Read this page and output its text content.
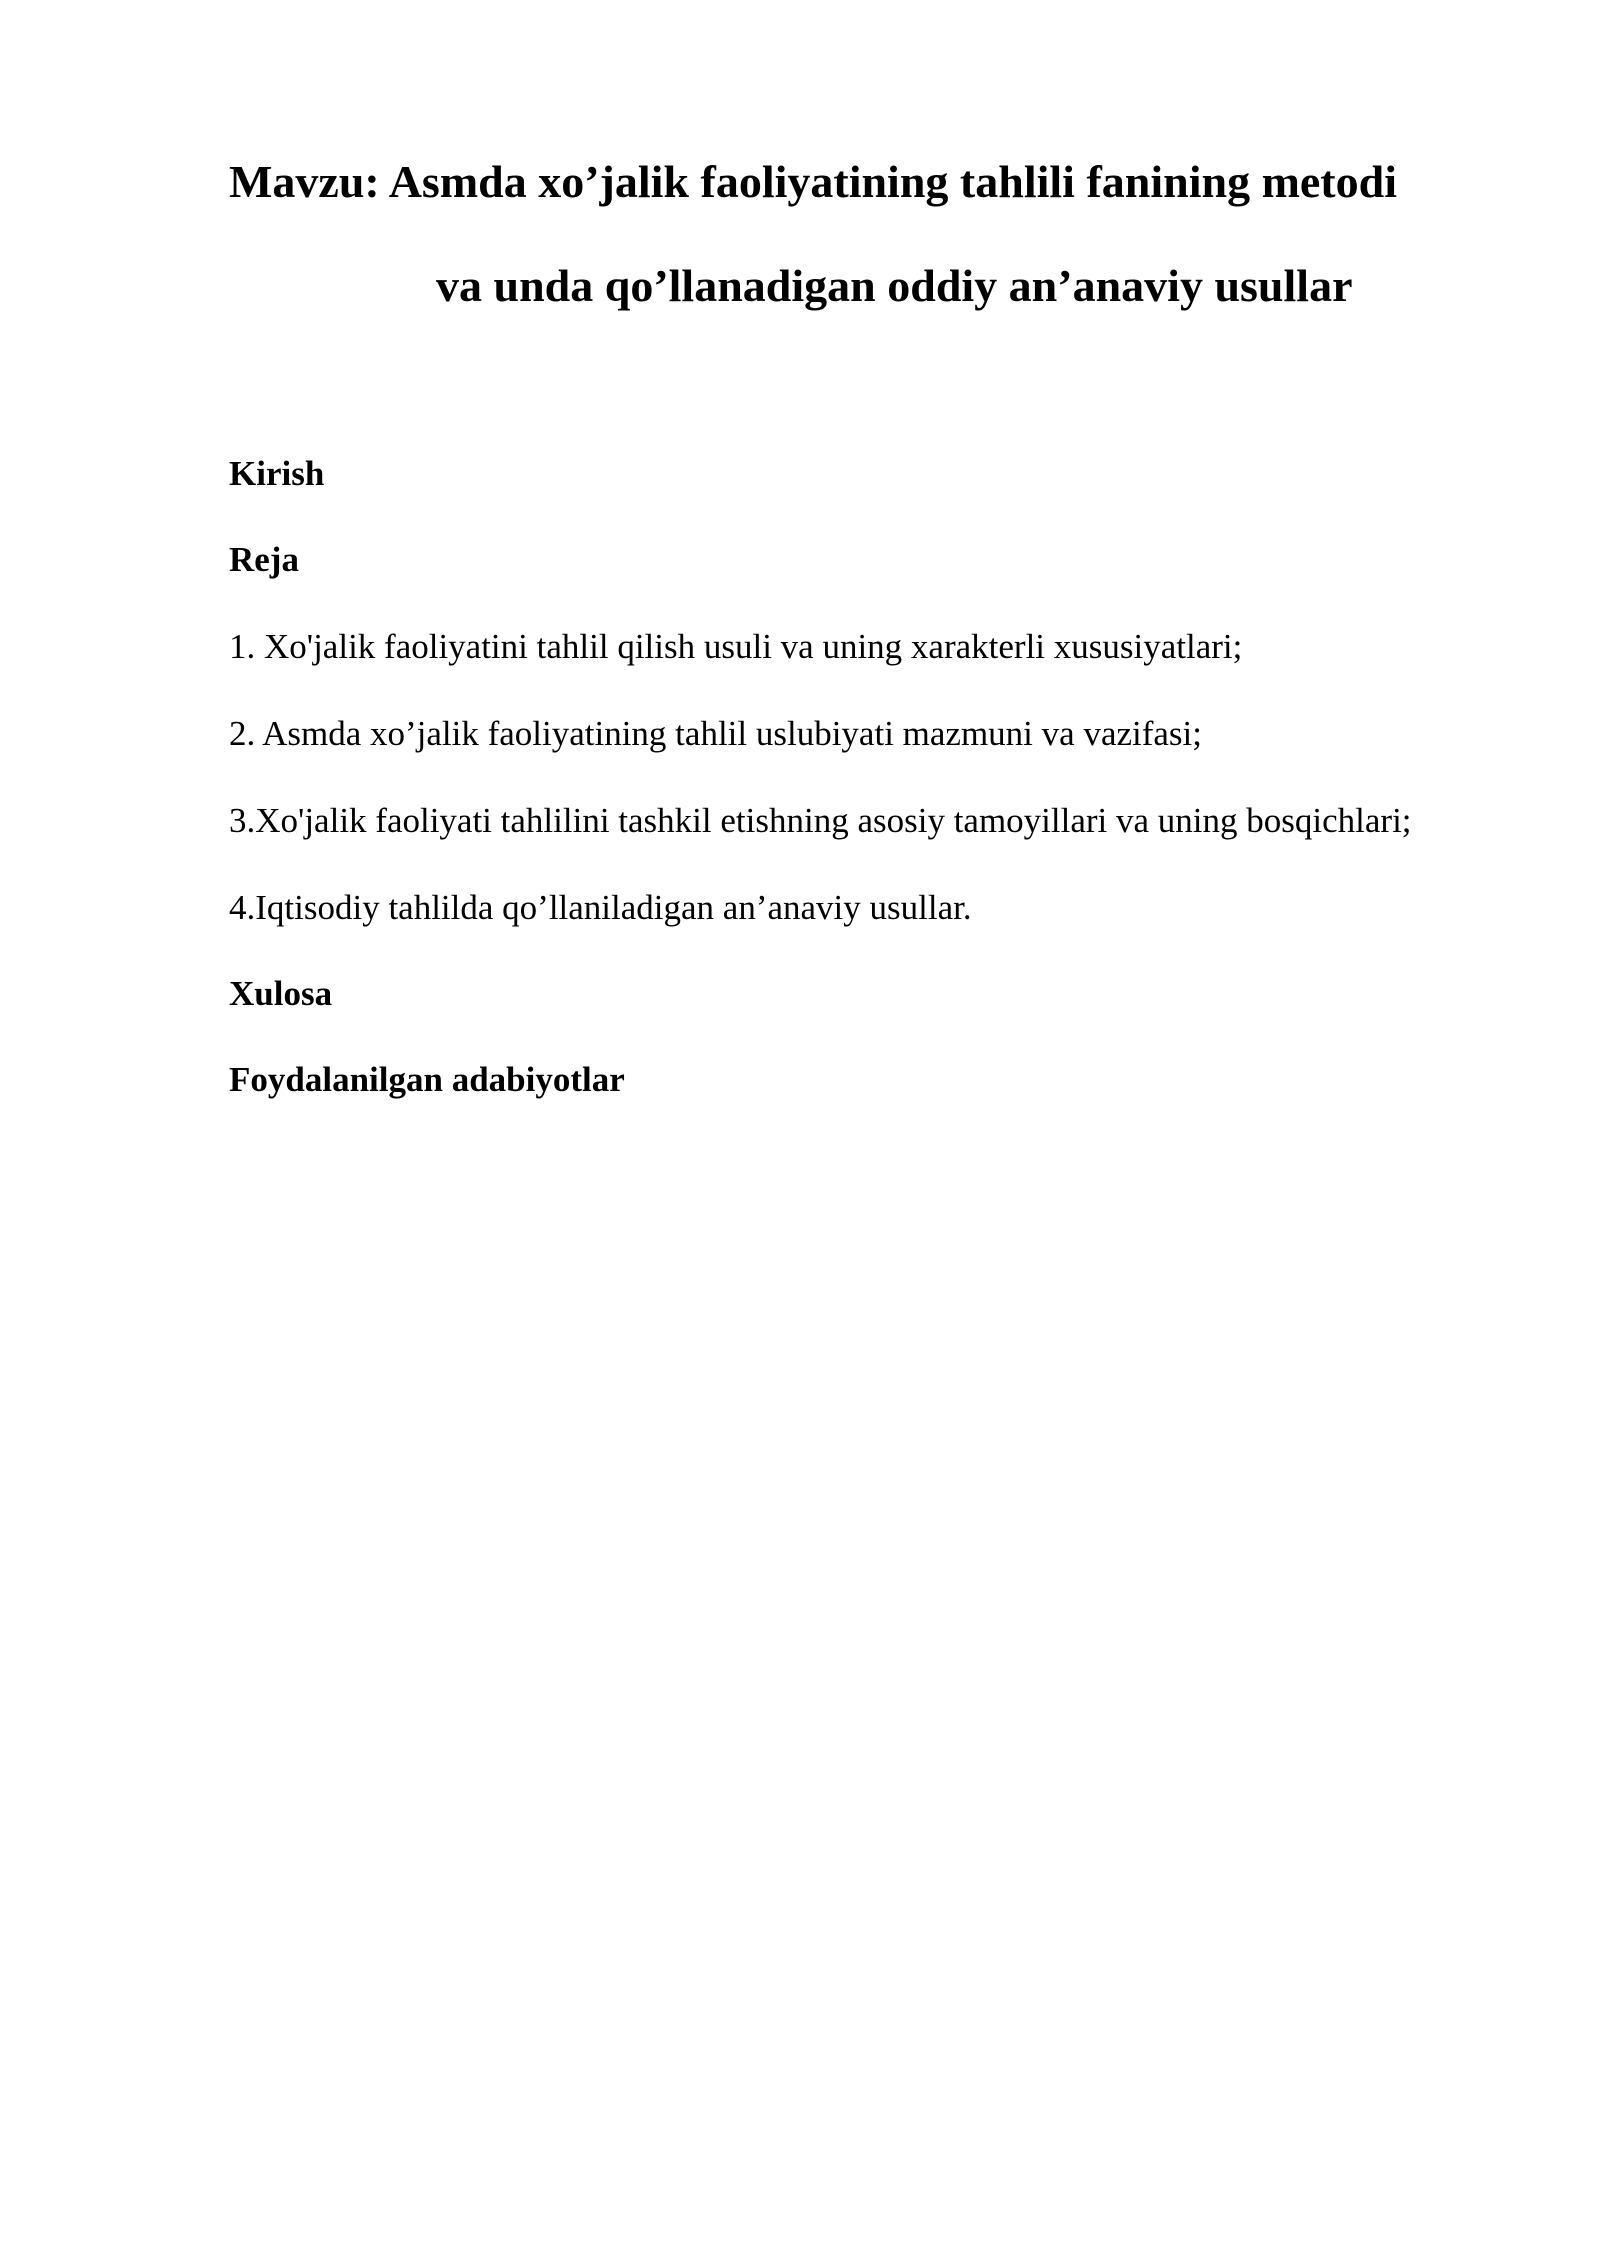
Mavzu: Asmda xo’jalik faoliyatining tahlili fanining metodi
va unda qo’llanadigan oddiy an’anaviy usullar

Kirish

Reja

1. Xo'jalik faoliyatini tahlil qilish usuli va uning xarakterli xususiyatlari;

2. Asmda xo’jalik faoliyatining tahlil uslubiyati mazmuni va vazifasi;

3.Xo'jalik faoliyati tahlilini tashkil etishning asosiy tamoyillari va uning bosqichlari;

4.Iqtisodiy tahlilda qo’llaniladigan an’anaviy usullar.

Xulosa

Foydalanilgan adabiyotlar
